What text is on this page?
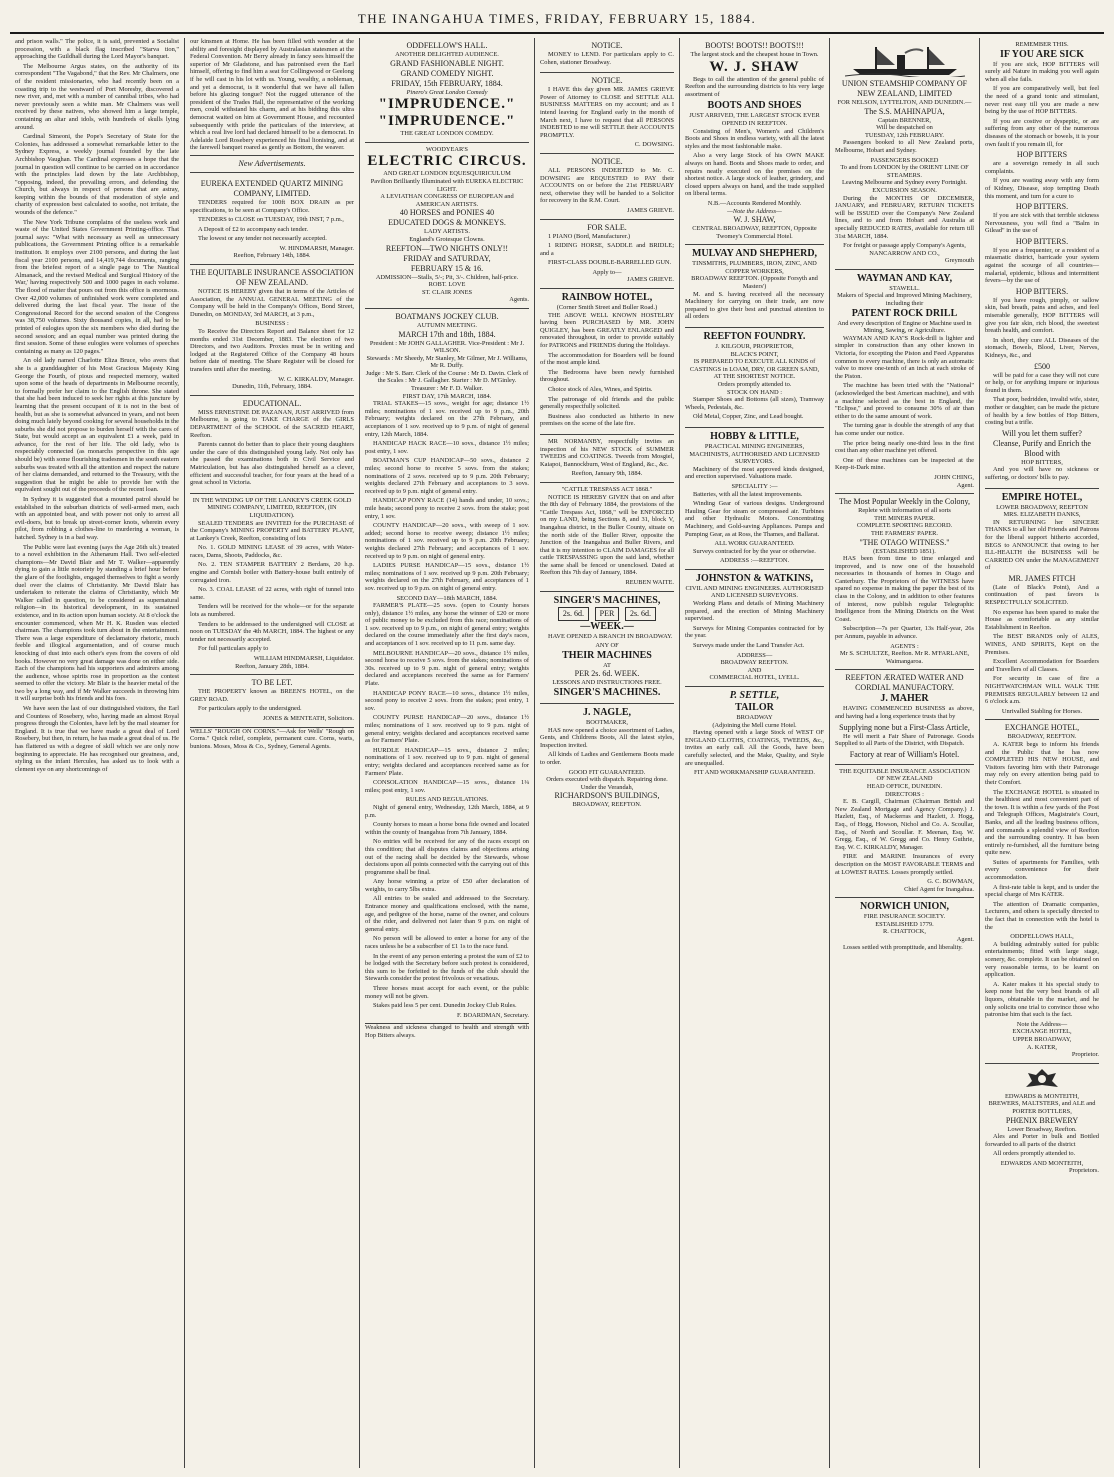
THE INANGAHUA TIMES, FRIDAY, FEBRUARY 15, 1884.

and prison walls." The police, it is said, prevented a Socialist procession, with a black flag inscribed "Starva tion," approaching the Guildhall during the Lord Mayor's banquet.

The Melbourne Argus states, on the authority of its correspondent "The Vagabond," that the Rev. Mr Chalmers, one of the resident missionaries, who had recently been on a coasting trip to the westward of Port Moresby, discovered a new river, and, met with a number of cannibal tribes, who had never previously seen a white man. Mr Chalmers was well received by these natives, who showed him a large temple, containing an altar and idols, with hundreds of skulls lying around.

Cardinal Simeoni, the Pope's Secretary of State for the Colonies, has addressed a somewhat remarkable letter to the Sydney Express, a weekly journal founded by the late Archbishop Vaughan. The Cardinal expresses a hope that the journal in question will continue to be carried on in accordance with the principles laid down by the late Archbishop, "opposing, indeed, the prevailing errors, and defending the Church, but always in respect of persons that are astray, keeping within the bounds of that moderation of style and charity of expression best calculated to soothe, not irritate, the wounds of the defence."

The New York Tribune complains of the useless work and waste of the United States Government Printing-office. That journal says: "What with necessary as well as unnecessary publications, the Government Printing office is a remarkable institution. It employs over 2100 persons, and during the last fiscal year 2100 persons, and 14,419,744 documents, ranging from the briefest report of a single page to 'The Nautical Almanack, and the revised Medical and Surgical History of the War,' having respectively 500 and 1000 pages in each volume. The flood of matter that pours out from this office is enormous. Over 42,000 volumes of unfinished work were completed and delivered during the last fiscal year. The issue of the Congressional Record for the second session of the Congress was 38,750 volumes. Sixty thousand copies, in all, had to be printed of eulogies upon the six members who died during the second session; and an equal number was printed during the first session. Some of these eulogies were volumes of speeches containing as many as 120 pages."

An old lady named Charlotte Eliza Bruce, who avers that she is a granddaughter of his Most Gracious Majesty King George the Fourth, of pious and respected memory, waited upon some of the heads of departments in Melbourne recently, to formally prefer her claim to the English throne. She stated that she had been induced to seek her rights at this juncture by learning that the present occupant of it is not in the best of health, but as she is somewhat advanced in years, and not been doing much lately beyond cooking for several households in the suburbs she did not propose to burden herself with the cares of State, but would accept as an equivalent £1 a week, paid in advance, for the rest of her life. The old lady, who is respectably connected (as monarchs perspective in this age should be) with some flourishing tradesmen in the south eastern suburbs was treated with all the attention and respect the nature of her claims demanded, and returned to the Treasury, with the suggestion that he might be able to provide her with the equivalent sought out of the proceeds of the recent loan.

In Sydney it is suggested that a mounted patrol should be established in the suburban districts of well-armed men, each with an appointed beat, and with power not only to arrest all evil-doers, but to break up street-corner knots, wherein every pilot, from robbing a clothes-line to murdering a woman, is hatched. Sydney is in a bad way.

The Public were last evening (says the Age 26th ult.) treated to a novel exhibition in the Athenæum Hall. Two self-elected champions—Mr David Blair and Mr T. Walker—apparently dying to gain a little notoriety by standing a brief hour before the glare of the footlights, engaged themselves to fight a wordy duel over the claims of Christianity. Mr David Blair has undertaken to reiterate the claims of Christianity, which Mr Walker called in question, to be considered as supernatural religion—in its historical development, in its sustained existence, and in its action upon human society. At 8 o'clock the encounter commenced, when Mr H. K. Rusden was elected chairman. The champions took turn about in the entertainment. There was a large expenditure of declamatory rhetoric, much feeble and illogical argumentation, and of course much knocking of dust into each other's eyes from the covers of old books. However no very great damage was done on either side. Each of the champions had his supporters and admirers among the audience, whose spirits rose in proportion as the contest seemed to offer the victory. Mr Blair is the heavier metal of the two by a long way, and if Mr Walker succeeds in throwing him it will surprise both his friends and his foes.

We have seen the last of our distinguished visitors, the Earl and Countess of Rosebery, who, having made an almost Royal progress through the Colonies, have left by the mail steamer for England. It is true that we have made a great deal of Lord Rosebery, but then, in return, he has made a great deal of us. He has flattered us with a degree of skill which we are only now beginning to appreciate. He has recognised our greatness, and, styling us the infant Hercules, has asked us to look with a clement eye on any shortcomings of

our kinsmen at Home. He has been filled with wonder at the ability and foresight displayed by Australasian statesmen at the Federal Convention. Mr Berry already in fancy sees himself the superior of Mr Gladstone, and has patronised even the Earl himself, offering to find him a seat for Collingwood or Geelong if he will cast in his lot with us. Young, wealthy, a nobleman, and yet a democrat, is it wonderful that we have all fallen before his glazing tongue? Not the rugged utterance of the president of the Trades Hall, the representative of the working men, could withstand his charm, and at his bidding this ultra democrat waited on him at Government House, and recounted subsequently with pride the particulars of the interview, at which a real live lord had declared himself to be a democrat. In Adelaide Lord Rosebery experienced his final lionising, and at the farewell banquet roared as gently as Bottom, the weaver.

New Advertisements.
EUREKA EXTENDED QUARTZ MINING COMPANY, LIMITED.

TENDERS required for 100ft BOX DRAIN as per specifications, to be seen at Company's Office.

TENDERS to CLOSE on TUESDAY, 19th INST, 7 p.m.,

A Deposit of £2 to accompany each tender.

The lowest or any tender not necessarily accepted.

W. HINDMARSH, Manager.
Reefton, February 14th, 1884.
THE EQUITABLE INSURANCE ASSOCIATION OF NEW ZEALAND.

NOTICE IS HEREBY given that in terms of the Articles of Association, the ANNUAL GENERAL MEETING of the Company will be held in the Company's Offices, Bond Street, Dunedin, on MONDAY, 3rd MARCH, at 3 p.m.,

BUSINESS :

To Receive the Directors Report and Balance sheet for 12 months ended 31st December, 1883. The election of two Directors, and two Auditors. Proxies must be in writing and lodged at the Registered Office of the Company 48 hours before date of meeting. The Share Register will be closed for transfers until after the meeting.

W. C. KIRKALDY, Manager.
Dunedin, 11th, February, 1884.
EDUCATIONAL.

MISS ERNESTINE DE PAZANAN, JUST ARRIVED from Melbourne, is going to TAKE CHARGE of the GIRLS DEPARTMENT of the SCHOOL of the SACRED HEART, Reefton.

Parents cannot do better than to place their young daughters under the care of this distinguished young lady. Not only has she passed the examinations both in Civil Service and Matriculation, but has also distinguished herself as a clever, efficient and successful teacher, for four years at the head of a great school in Victoria.

IN THE WINDING UP OF THE LANKEY'S CREEK GOLD MINING COMPANY, LIMITED, REEFTON, (IN LIQUIDATION).

SEALED TENDERS are INVITED for the PURCHASE of the Company's MINING PROPERTY and BATTERY PLANT, at Lankey's Creek, Reefton, consisting of lots

No. 1. GOLD MINING LEASE of 39 acres, with Water-races, Dams, Shoots, Paddocks, &c.

No. 2. TEN STAMPER BATTERY 2 Berdans, 20 h.p. engine and Cornish boiler with Battery-house built entirely of corrugated iron.

No. 3. COAL LEASE of 22 acres, with right of tunnel into same.

Tenders will be received for the whole—or for the separate lots as numbered.

Tenders to be addressed to the undersigned will CLOSE at noon on TUESDAY the 4th MARCH, 1884. The highest or any tender not necessarily accepted.

For full particulars apply to

WILLIAM HINDMARSH, Liquidator.
Reefton, January 28th, 1884.
TO BE LET.

THE PROPERTY known as BREEN'S HOTEL, on the GREY ROAD.

For particulars apply to the undersigned.

JONES & MENTEATH, Solicitors.

WELLS' "ROUGH ON CORNS."—Ask for Wells' "Rough on Corns." Quick relief, complete, permanent cure. Corns, warts, bunions. Moses, Moss & Co., Sydney, General Agents.

ODDFELLOW'S HALL.
ANOTHER DELIGHTED AUDIENCE.
GRAND FASHIONABLE NIGHT.
GRAND COMEDY NIGHT.
FRIDAY, 15th FEBRUARY, 1884.
Pinero's Great London Comedy
"IMPRUDENCE."
"IMPRUDENCE."
THE GREAT LONDON COMEDY.
WOODYEAR'S
ELECTRIC CIRCUS.
AND GREAT LONDON EQUESQUIRICULUM
Pavilion Brilliantly Illuminated with EUREKA ELECTRIC LIGHT.
A LEVIATHAN CONGRESS OF EUROPEAN and AMERICAN ARTISTS.
40 HORSES and PONIES 40
EDUCATED DOGS & MONKEYS.
LADY ARTISTS.
England's Grotesque Clowns.
REEFTON—TWO NIGHTS ONLY!!
FRIDAY and SATURDAY,
FEBRUARY 15 & 16.
ADMISSION—Stalls, 5/-; Pit, 3/-. Children, half-price.
ROBT. LOVE
ST. CLAIR JONES
Agents.
BOATMAN'S JOCKEY CLUB.
AUTUMN MEETING.
MARCH 17th and 18th, 1884.
President : Mr JOHN GALLAGHER. Vice-President : Mr J. WILSON.
Stewards : Mr Sheedy, Mr Stanley, Mr Gilmer, Mr J. Williams, Mr R. Duffy.
Judge : Mr S. Barr. Clerk of the Course : Mr D. Davin. Clerk of the Scales : Mr J. Gallagher. Starter : Mr D. M'Ginley. Treasurer : Mr F. D. Walker.
FIRST DAY, 17th MARCH, 1884.

TRIAL STAKES—15 sovs., weight for age; distance 1½ miles; nominations of 1 sov. received up to 9 p.m., 20th February; weights declared on the 27th February, and acceptances of 1 sov. received up to 9 p.m. of night of general entry, 12th March, 1884.

HANDICAP HACK RACE—10 sovs., distance 1½ miles; post entry, 1 sov.

BOATMAN'S CUP HANDICAP—50 sovs., distance 2 miles; second horse to receive 5 sovs. from the stakes; nominations of 2 sovs. received up to 9 p.m. 20th February; weights declared 27th February and acceptances to 3 sovs. received up to 9 p.m. night of general entry.

HANDICAP PONY RACE (14) hands and under, 10 sovs.; mile heats; second pony to receive 2 sovs. from the stake; post entry, 1 sov.

COUNTY HANDICAP—20 sovs., with sweep of 1 sov. added; second horse to receive sweep; distance 1½ miles; nominations of 1 sov. received up to 9 p.m. 20th February; weights declared 27th February; and acceptances of 1 sov. received up to 9 p.m. on night of general entry.

LADIES PURSE HANDICAP—15 sovs., distance 1½ miles; nominations of 1 sov. received up 9 p.m. 20th February; weights declared on the 27th February, and acceptances of 1 sov. received up to 9 p.m. on night of general entry.

SECOND DAY—18th MARCH, 1884.

FARMER'S PLATE—25 sovs. (open to County horses only), distance 1½ miles, any horse the winner of £20 or more of public money to be excluded from this race; nominations of 1 sov. received up to 9 p.m., on night of general entry; weights declared on the course immediately after the first day's races, and acceptances of 1 sov. received up to 11 p.m. same day.

MELBOURNE HANDICAP—20 sovs., distance 1½ miles, second horse to receive 5 sovs. from the stakes; nominations of 30s. received up to 9 p.m. night of general entry; weights declared and acceptances received the same as for Farmers' Plate.

HANDICAP PONY RACE—10 sovs., distance 1½ miles, second pony to receive 2 sovs. from the stakes; post entry, 1 sov.

COUNTY PURSE HANDICAP—20 sovs., distance 1½ miles; nominations of 1 sov. received up to 9 p.m. night of general entry; weights declared and acceptances received same as for Farmers' Plate.

HURDLE HANDICAP—15 sovs., distance 2 miles; nominations of 1 sov. received up to 9 p.m. night of general entry; weights declared and acceptances received same as for Farmers' Plate.

CONSOLATION HANDICAP—15 sovs., distance 1¼ miles; post entry, 1 sov.

RULES AND REGULATIONS.

Night of general entry, Wednesday, 12th March, 1884, at 9 p.m.

County horses to mean a horse bona fide owned and located within the county of Inangahua from 7th January, 1884.

No entries will be received for any of the races except on this condition; that all disputes claims and objections arising out of the racing shall be decided by the Stewards, whose decisions upon all points connected with the carrying out of this programme shall be final.

Any horse winning a prize of £50 after declaration of weights, to carry 5lbs extra.

All entries to be sealed and addressed to the Secretary. Entrance money and qualifications enclosed, with the name, age, and pedigree of the horse, name of the owner, and colours of the rider, and delivered not later than 9 p.m. on night of general entry.

No person will be allowed to enter a horse for any of the races unless he be a subscriber of £1 1s to the race fund.

In the event of any person entering a protest the sum of £2 to be lodged with the Secretary before such protest is considered, this sum to be forfeited to the funds of the club should the Stewards consider the protest frivolous or vexatious.

Three horses must accept for each event, or the public money will not be given.

Stakes paid less 5 per cent. Dunedin Jockey Club Rules.

F. BOARDMAN, Secretary.

Weakness and sickness changed to health and strength with Hop Bitters always.

NOTICE.

MONEY to LEND. For particulars apply to C. Cohen, stationer Broadway.

NOTICE.

I HAVE this day given MR. JAMES GRIEVE Power of Attorney to CLOSE and SETTLE ALL BUSINESS MATTERS on my account; and as I intend leaving for England early in the month of March next, I have to request that all PERSONS INDEBTED to me will SETTLE their ACCOUNTS PROMPTLY.

C. DOWSING.
NOTICE.

ALL PERSONS INDEBTED to Mr. C. DOWSING are REQUESTED to PAY their ACCOUNTS on or before the 21st FEBRUARY next, otherwise they will be handed to a Solicitor for recovery in the R.M. Court.

JAMES GRIEVE.
FOR SALE.

1 PIANO (Bord, Manufacturer.)

1 RIDING HORSE, SADDLE and BRIDLE; and a

FIRST-CLASS DOUBLE-BARRELLED GUN.

Apply to—
JAMES GRIEVE.
RAINBOW HOTEL,
(Corner Smith Street and Buller Road.)

THE ABOVE WELL KNOWN HOSTELRY having been PURCHASED by MR. JOHN QUIGLEY, has been GREATLY ENLARGED and renovated throughout, in order to provide suitably for PATRONS and FRIENDS during the Holidays.

The accommodation for Boarders will be found of the most ample kind.

The Bedrooms have been newly furnished throughout.

Choice stock of Ales, Wines, and Spirits.

The patronage of old friends and the public generally respectfully solicited.

Business also conducted as hitherto in new premises on the scene of the late fire.

MR NORMANBY, respectfully invites an inspection of his NEW STOCK of SUMMER TWEEDS and COATINGS. Tweeds from Mosgiel, Kaiapoi, Bannockburn, West of England, &c., &c.

Reefton, January 9th, 1884.
"CATTLE TRESPASS ACT 1868."

NOTICE IS HEREBY GIVEN that on and after the 8th day of February 1884, the provisions of the "Cattle Trespass Act, 1868," will be ENFORCED on my LAND, being Sections 8, and 31, block V, Inangahua district, in the Buller County, situate on the north side of the Buller River, opposite the Junction of the Inangahua and Buller Rivers, and that it is my intention to CLAIM DAMAGES for all cattle TRESPASSING upon the said land, whether the same shall be fenced or unenclosed. Dated at Reefton this 7th day of January, 1884.

REUBEN WAITE.
SINGER'S MACHINES,
2s. 6d. PER 2s. 6d.
—WEEK.—

HAVE OPENED A BRANCH IN BROADWAY.

ANY OF
THEIR MACHINES
AT
PER 2s. 6d. WEEK.
LESSONS AND INSTRUCTIONS FREE.
SINGER'S MACHINES.
J. NAGLE,
BOOTMAKER,

HAS now opened a choice assortment of Ladies, Gents, and Childrens Boots, All the latest styles, Inspection invited.

All kinds of Ladies and Gentlemens Boots made to order.

GOOD FIT GUARANTEED.
Orders executed with dispatch. Repairing done.
Under the Verandah,
RICHARDSON'S BUILDINGS,
BROADWAY, REEFTON.
BOOTS! BOOTS!! BOOTS!!!
The largest stock and the cheapest house in Town.
W. J. SHAW

Begs to call the attention of the general public of Reefton and the surrounding districts to his very large assortment of

BOOTS AND SHOES
JUST ARRIVED, THE LARGEST STOCK EVER OPENED IN REEFTON.

Consisting of Men's, Women's and Children's Boots and Shoes in endless variety, with all the latest styles and the most fashionable make.

Also a very large Stock of his OWN MAKE always on hand. Boots and Shoes made to order, and repairs neatly executed on the premises on the shortest notice. A large stock of leather, grindery, and closed uppers always on hand, and the trade supplied on liberal terms.

N.B.—Accounts Rendered Monthly.
—Note the Address—
W. J. SHAW,
CENTRAL BROADWAY, REEFTON, Opposite Twomey's Commercial Hotel.
MULVAY AND SHEPHERD,
TINSMITHS, PLUMBERS, IRON, ZINC, AND COPPER WORKERS,
BROADWAY REEFTON. (Opposite Forsyth and Masters')

M. and S. having received all the necessary Machinery for carrying on their trade, are now prepared to give their best and punctual attention to all orders

REEFTON FOUNDRY.
J. KILGOUR, PROPRIETOR,
BLACK'S POINT,
IS PREPARED TO EXECUTE ALL KINDS of CASTINGS in LOAM, DRY, OR GREEN SAND,
AT THE SHORTEST NOTICE.
Orders promptly attended to.
STOCK ON HAND :

Stamper Shoes and Bottoms (all sizes), Tramway Wheels, Pedestals, &c.

Old Metal, Copper, Zinc, and Lead bought.

HOBBY & LITTLE,
PRACTICAL MINING ENGINEERS, MACHINISTS, AUTHORISED AND LICENSED SURVEYORS.

Machinery of the most approved kinds designed, and erection supervised. Valuations made.

SPECIALITY :—

Batteries, with all the latest improvements.

Winding Gear of various designs. Underground Hauling Gear for steam or compressed air. Turbines and other Hydraulic Motors. Concentrating Machinery, and Gold-saving Appliances. Pumps and Pumping Gear, as at Ross, the Thames, and Ballarat.

ALL WORK GUARANTEED.

Surveys contracted for by the year or otherwise.

ADDRESS :—REEFTON.
JOHNSTON & WATKINS,
CIVIL AND MINING ENGINEERS. AUTHORISED AND LICENSED SURVEYORS.

Working Plans and details of Mining Machinery prepared, and the erection of Mining Machinery supervised.

Surveys for Mining Companies contracted for by the year.

Surveys made under the Land Transfer Act.

ADDRESS—
BROADWAY REEFTON.
AND
COMMERCIAL HOTEL, LYELL.
P. SETTLE,
TAILOR
BROADWAY
(Adjoining the Mell curne Hotel.

Having opened with a large Stock of WEST OF ENGLAND CLOTHS, COATINGS, TWEEDS, &c., invites an early call. All the Goods, have been carefully selected, and the Make, Quality, and Style are unequalled.

FIT AND WORKMANSHIP GUARANTEED.
UNION STEAMSHIP COMPANY OF NEW ZEALAND, LIMITED
FOR NELSON, LYTTELTON, AND DUNEDIN.—
The S.S. MAHINAPUA,
Captain BRENNER,
Will be despatched on
TUESDAY, 12th FEBRUARY.

Passengers booked to all New Zealand ports, Melbourne, Hobart and Sydney.

PASSENGERS BOOKED
To and from LONDON by the ORIENT LINE OF STEAMERS.
Leaving Melbourne and Sydney every Fortnight.
EXCURSION SEASON.

During the MONTHS OF DECEMBER, JANUARY, and FEBRUARY, RETURN TICKETS will be ISSUED over the Company's New Zealand lines, and to and from Hobart and Australia at specially REDUCED RATES, available for return till 31st MARCH, 1884.

For freight or passage apply Company's Agents,
NANCARROW AND CO.,
Greymouth
WAYMAN AND KAY,
STAWELL.
Makers of Special and Improved Mining Machinery, including their
PATENT ROCK DRILL
And every description of Engine or Machine used in Mining, Sawing, or Agriculture.

WAYMAN AND KAY'S Rock-drill is lighter and simpler in construction than any other known in Victoria, for excepting the Piston and Feed Apparatus common to every machine, there is only an automatic valve to move one-tenth of an inch at each stroke of the Piston.

The machine has been tried with the "National" (acknowledged the best American machine), and with a machine selected as the best in England, the "Eclipse," and proved to consume 30% of air than either to do the same amount of work.

The turning gear is double the strength of any that has come under our notice.

The price being nearly one-third less in the first cost than any other machine yet offered.

One of these machines can be inspected at the Keep-it-Dark mine.

JOHN CHING,
Agent.
The Most Popular Weekly in the Colony,
Replete with information of all sorts
THE MINERS PAPER.
COMPLETE SPORTING RECORD.
THE FARMERS' PAPER.
"THE OTAGO WITNESS."
(ESTABLISHED 1851).

HAS been from time to time enlarged and improved, and is now one of the household necessaries in thousands of homes in Otago and Canterbury. The Proprietors of the WITNESS have spared no expense in making the paper the best of its class in the Colony, and in addition to other features of interest, now publish regular Telegraphic Intelligence from the Mining Districts on the West Coast.

Subscription—7s per Quarter, 13s Half-year, 26s per Annum, payable in advance.

AGENTS :
Mr S. SCHULTZE, Reefton. Mr R. M'FARLANE, Waimangaroa.
REEFTON ÆRATED WATER AND CORDIAL MANUFACTORY.
J. MAHER

HAVING COMMENCED BUSINESS as above, and having had a long experience trusts that by

Supplying none but a First-Class Article,

He will merit a Fair Share of Patronage. Goods Supplied to all Parts of the District, with Dispatch.

Factory at rear of William's Hotel.
THE EQUITABLE INSURANCE ASSOCIATION OF NEW ZEALAND
HEAD OFFICE, DUNEDIN.
DIRECTORS :

E. B. Cargill, Chairman (Chairman British and New Zealand Mortgage and Agency Company.) J. Hazlett, Esq., of Mackerras and Hazlett, J. Hogg, Esq., of Hogg, Howson, Nichol and Co. A. Scoullar, Esq., of North and Scoullar. F. Meenan, Esq. W. Gregg, Esq., of W. Gregg and Co. Henry Guthrie, Esq. W. C. KIRKALDY, Manager.

FIRE and MARINE Insurances of every description on the MOST FAVORABLE TERMS and at LOWEST RATES. Losses promptly settled.

G. C. BOWMAN,
Chief Agent for Inangahua.
NORWICH UNION,
FIRE INSURANCE SOCIETY.
ESTABLISHED 1779.
R. CHATTOCK,
Agent.

Losses settled with promptitude, and liberality.

REMEMBER THIS.
IF YOU ARE SICK

If you are sick, HOP BITTERS will surely aid Nature in making you well again when all else fails.

If you are comparatively well, but feel the need of a grand tonic and stimulant, never rest easy till you are made a new being by the use of HOP BITTERS.

If you are costive or dyspeptic, or are suffering from any other of the numerous diseases of the stomach or bowels, it is your own fault if you remain ill, for

HOP BITTERS

are a sovereign remedy in all such complaints.

If you are wasting away with any form of Kidney, Disease, stop tempting Death this moment, and turn for a cure to

HOP BITTERS.

If you are sick with that terrible sickness Nervousness, you will find a "Balm in Gilead" in the use of

HOP BITTERS.

If you are a frequenter, or a resident of a miasmatic district, barricade your system against the scourge of all countries—malarial, epidemic, bilious and intermittent fevers—by the use of

HOP BITTERS.

If you have rough, pimply, or sallow skin, bad breath, pains and aches, and feel miserable generally, HOP BITTERS will give you fair skin, rich blood, the sweetest breath health, and comfort.

In short, they cure ALL Diseases of the stomach, Bowels, Blood, Liver, Nerves, Kidneys, &c., and

£500

will be paid for a case they will not cure or help, or for anything impure or injurious found in them.

That poor, bedridden, invalid wife, sister, mother or daughter, can be made the picture of health by a few bottles of Hop Bitters, costing but a trifle.

Will you let them suffer?
Cleanse, Purify and Enrich the Blood with
HOP BITTERS,

And you will have no sickness or suffering, or doctors' bills to pay.

EMPIRE HOTEL,
LOWER BROADWAY, REEFTON
MRS. ELIZABETH DANKS,

IN RETURNING her SINCERE THANKS to all her old Friends and Patrons for the liberal support hitherto accorded, BEGS to ANNOUNCE that owing to her ILL-HEALTH the BUSINESS will be CARRIED ON under the MANAGEMENT of

MR. JAMES FITCH

(Late of Black's Point), And a continuation of past favors is RESPECTFULLY SOLICITED.

No expense has been spared to make the House as comfortable as any similar Establishment in Reefton.

The BEST BRANDS only of ALES, WINES, AND SPIRITS, Kept on the Premises.

Excellent Accommodation for Boarders and Travellers of all Classes.

For security in case of fire a NIGHTWATCHMAN WILL WALK THE PREMISES REGULARLY between 12 and 6 o'clock a.m.

Unrivalled Stabling for Horses.
EXCHANGE HOTEL,
BROADWAY, REEFTON.

A. KATER begs to inform his friends and the Public that he has now COMPLETED HIS NEW HOUSE, and Visitors favoring him with their Patronage may rely on every attention being paid to their Comfort.

The EXCHANGE HOTEL is situated in the healthiest and most convenient part of the town. It is within a few yards of the Post and Telegraph Offices, Magistrate's Court, Banks, and all the leading business offices, and commands a splendid view of Reefton and the surrounding country. It has been entirely re-furnished, all the furniture being quite new.

Suites of apartments for Families, with every convenience for their accommodation.

A first-rate table is kept, and is under the special charge of Mrs KATER.

The attention of Dramatic companies, Lecturers, and others is specially directed to the fact that in connection with the hotel is the

ODDFELLOWS HALL,

A building admirably suited for public entertainments; fitted with large stage, scenery, &c. complete. It can be obtained on very reasonable terms, to be learnt on application.

A. Kater makes it his special study to keep none but the very best brands of all liquors, obtainable in the market, and he only solicits one trial to convince those who patronise him that such is the fact.

Note the Address—
EXCHANGE HOTEL,
UPPER BROADWAY,
A. KATER,
Proprietor.
EDWARDS & MONTEITH,
BREWERS, MALTSTERS, and ALE and PORTER BOTTLERS,
PHŒNIX BREWERY
Lower Broadway, Reefton.

Ales and Porter in bulk and Bottled forwarded to all parts of the district

All orders promptly attended to.

EDWARDS AND MONTEITH,
Proprietors.
